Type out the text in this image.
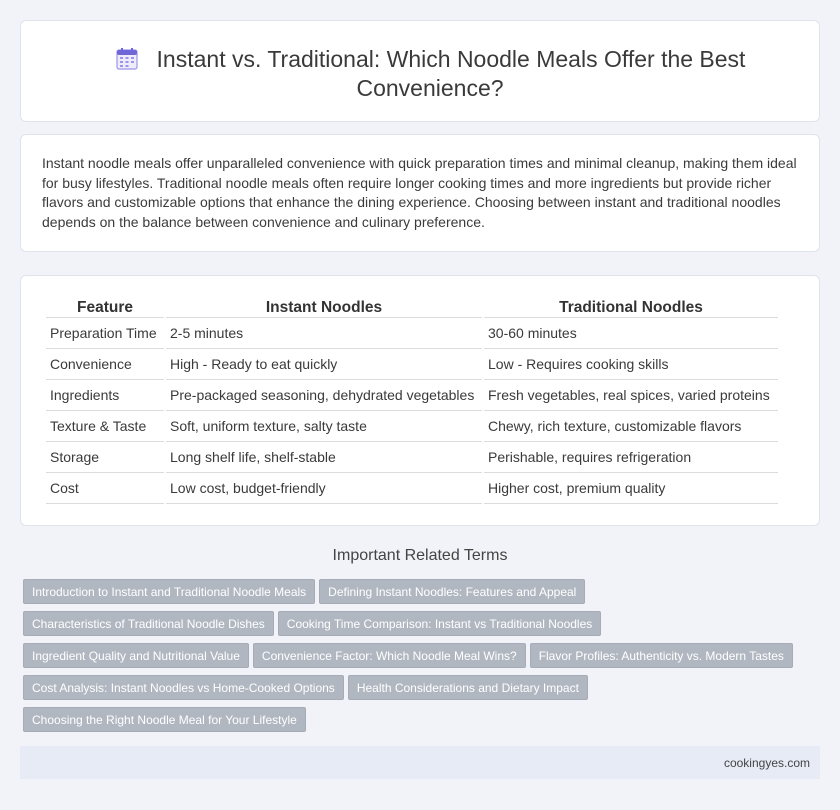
Instant vs. Traditional: Which Noodle Meals Offer the Best Convenience?

Instant noodle meals offer unparalleled convenience with quick preparation times and minimal cleanup, making them ideal for busy lifestyles. Traditional noodle meals often require longer cooking times and more ingredients but provide richer flavors and customizable options that enhance the dining experience. Choosing between instant and traditional noodles depends on the balance between convenience and culinary preference.

Feature	Instant Noodles	Traditional Noodles
Preparation Time	2-5 minutes	30-60 minutes
Convenience	High - Ready to eat quickly	Low - Requires cooking skills
Ingredients	Pre-packaged seasoning, dehydrated vegetables	Fresh vegetables, real spices, varied proteins
Texture & Taste	Soft, uniform texture, salty taste	Chewy, rich texture, customizable flavors
Storage	Long shelf life, shelf-stable	Perishable, requires refrigeration
Cost	Low cost, budget-friendly	Higher cost, premium quality
Important Related Terms
Introduction to Instant and Traditional Noodle Meals Defining Instant Noodles: Features and Appeal
Characteristics of Traditional Noodle Dishes Cooking Time Comparison: Instant vs Traditional Noodles
Ingredient Quality and Nutritional Value Convenience Factor: Which Noodle Meal Wins? Flavor Profiles: Authenticity vs. Modern Tastes
Cost Analysis: Instant Noodles vs Home-Cooked Options Health Considerations and Dietary Impact
Choosing the Right Noodle Meal for Your Lifestyle
cookingyes.com
